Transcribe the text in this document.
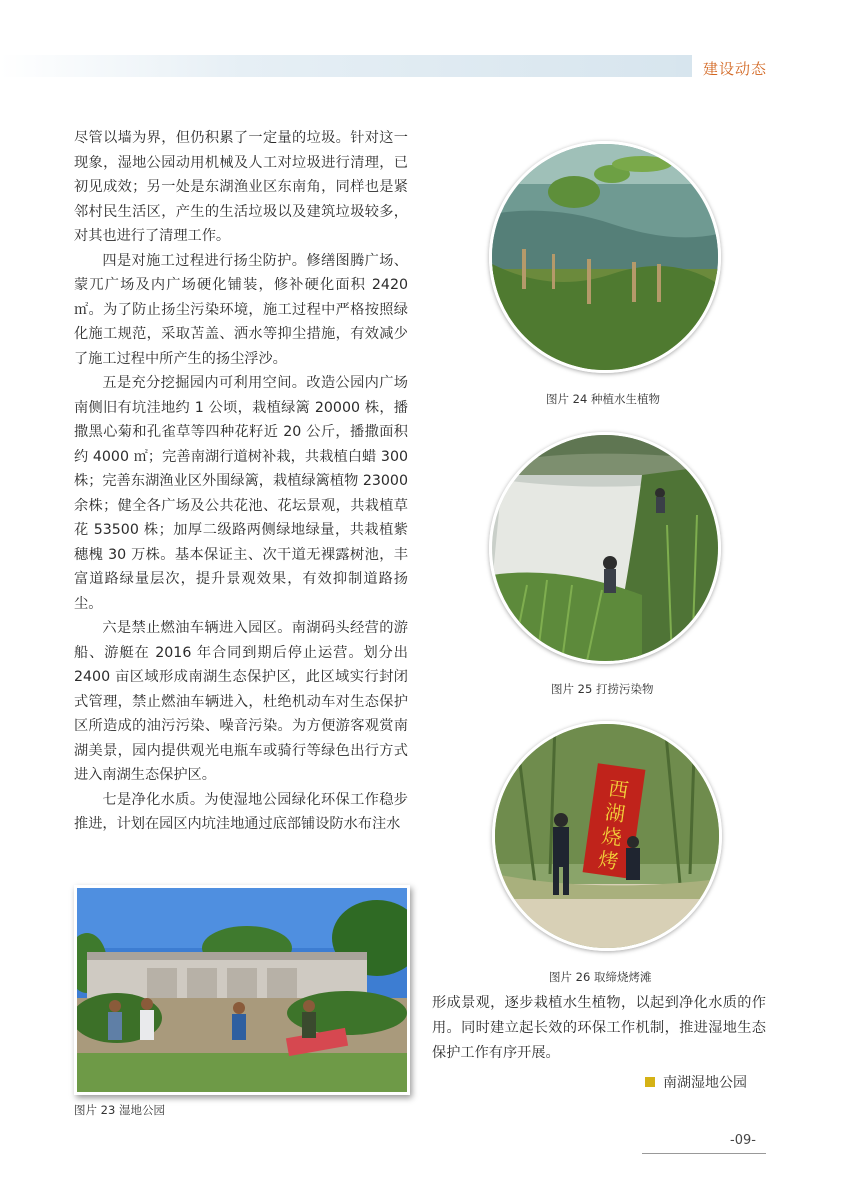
建设动态

尽管以墙为界，但仍积累了一定量的垃圾。针对这一现象，湿地公园动用机械及人工对垃圾进行清理，已初见成效；另一处是东湖渔业区东南角，同样也是紧邻村民生活区，产生的生活垃圾以及建筑垃圾较多，对其也进行了清理工作。

四是对施工过程进行扬尘防护。修缮图腾广场、蒙兀广场及内广场硬化铺装，修补硬化面积 2420 ㎡。为了防止扬尘污染环境，施工过程中严格按照绿化施工规范，采取苫盖、洒水等抑尘措施，有效减少了施工过程中所产生的扬尘浮沙。

五是充分挖掘园内可利用空间。改造公园内广场南侧旧有坑洼地约 1 公顷，栽植绿篱 20000 株，播撒黑心菊和孔雀草等四种花籽近 20 公斤，播撒面积约 4000 ㎡；完善南湖行道树补栽，共栽植白蜡 300 株；完善东湖渔业区外围绿篱，栽植绿篱植物 23000 余株；健全各广场及公共花池、花坛景观，共栽植草花 53500 株；加厚二级路两侧绿地绿量，共栽植紫穗槐 30 万株。基本保证主、次干道无裸露树池，丰富道路绿量层次，提升景观效果，有效抑制道路扬尘。

六是禁止燃油车辆进入园区。南湖码头经营的游船、游艇在 2016 年合同到期后停止运营。划分出 2400 亩区域形成南湖生态保护区，此区域实行封闭式管理，禁止燃油车辆进入，杜绝机动车对生态保护区所造成的油污污染、噪音污染。为方便游客观赏南湖美景，园内提供观光电瓶车或骑行等绿色出行方式进入南湖生态保护区。

七是净化水质。为使湿地公园绿化环保工作稳步推进，计划在园区内坑洼地通过底部铺设防水布注水

图片 24 种植水生植物
图片 25 打捞污染物
西
湖
烧
烤
图片 26 取缔烧烤滩
图片 23 湿地公园

形成景观，逐步栽植水生植物，以起到净化水质的作用。同时建立起长效的环保工作机制，推进湿地生态保护工作有序开展。

南湖湿地公园
-09-
